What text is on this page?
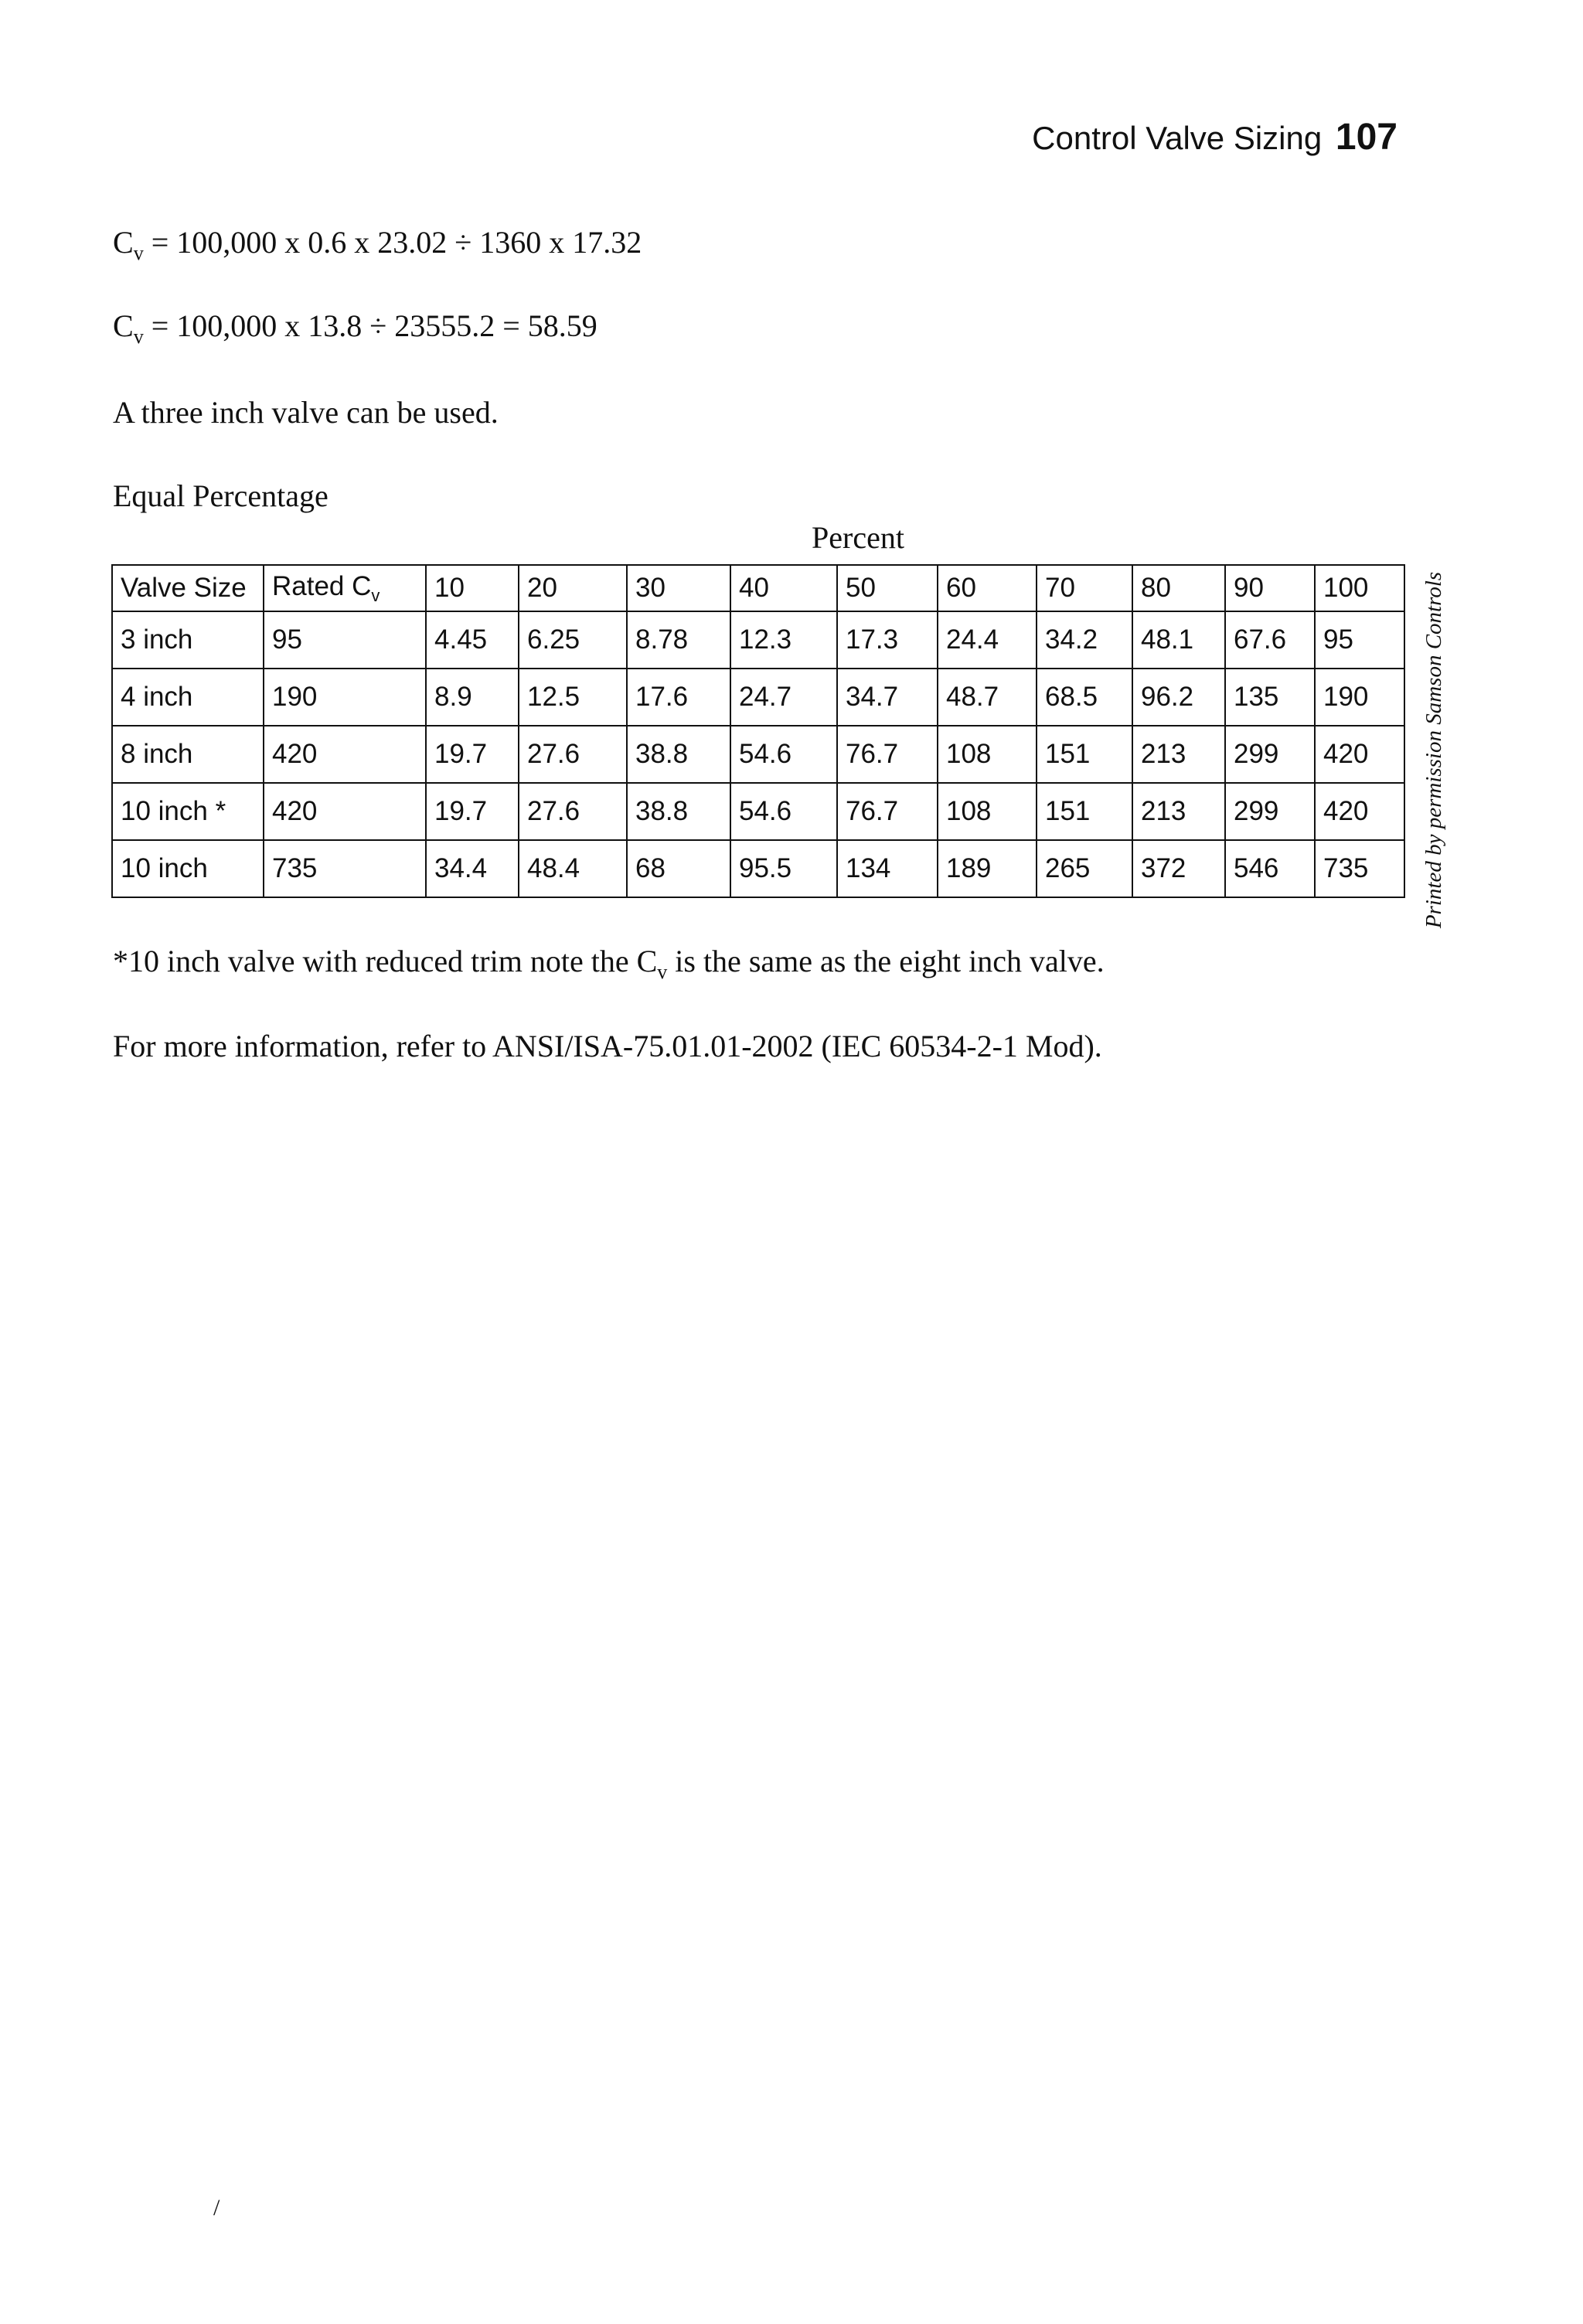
Control Valve Sizing 107
$C_v = 100,000$ x 0.6 x 23.02 ÷ 1360 x 17.32
$C_v = 100,000$ x 13.8 ÷ 23555.2 = 58.59
A three inch valve can be used.
Equal Percentage
Percent
Valve Size	Rated $C_v$	10	20	30	40	50	60	70	80	90	100
3 inch	95	4.45	6.25	8.78	12.3	17.3	24.4	34.2	48.1	67.6	95
4 inch	190	8.9	12.5	17.6	24.7	34.7	48.7	68.5	96.2	135	190
8 inch	420	19.7	27.6	38.8	54.6	76.7	108	151	213	299	420
10 inch *	420	19.7	27.6	38.8	54.6	76.7	108	151	213	299	420
10 inch	735	34.4	48.4	68	95.5	134	189	265	372	546	735 Printed by permission Samson Controls
*10 inch valve with reduced trim note the $C_v$ is the same as the eight inch valve.
For more information, refer to ANSI/ISA-75.01.01-2002 (IEC 60534-2-1 Mod).
/
